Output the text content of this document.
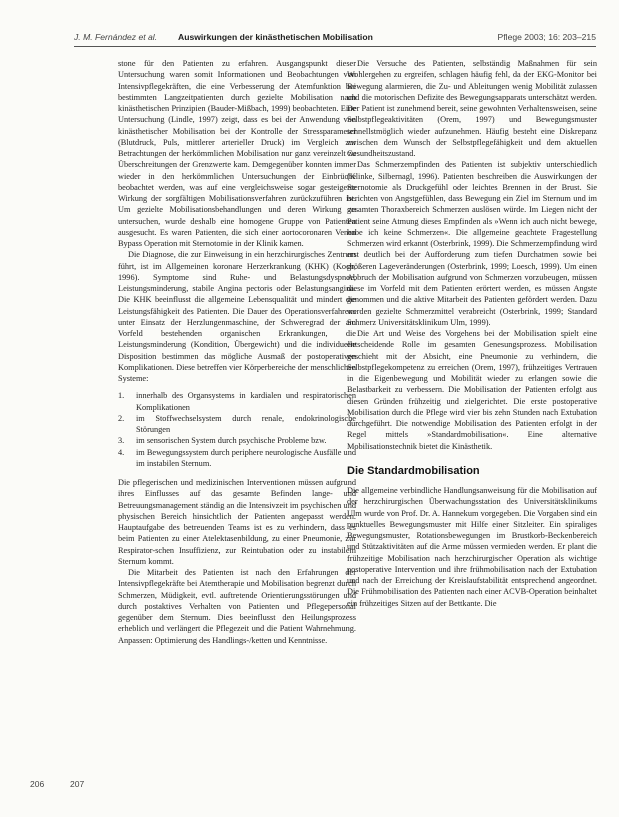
J. M. Fernández et al. Auswirkungen der kinästhetischen Mobilisation	Pflege 2003; 16: 203–215

stone für den Patienten zu erfahren. Ausgangspunkt dieser Untersuchung waren somit Informationen und Beobachtungen von Intensivpflegekräften, die eine Verbesserung der Atemfunktion bei bestimmten Langzeitpatienten durch gezielte Mobilisation nach kinästhetischen Prinzipien (Bauder-Mißbach, 1999) beobachteten. Eine Untersuchung (Lindle, 1997) zeigt, dass es bei der Anwendung von kinästhetischer Mobilisation bei der Kontrolle der Stressparameter (Blutdruck, Puls, mittlerer arterieller Druck) im Vergleich zur Betrachtungen der herkömmlichen Mobilisation nur ganz vereinzelt zu Überschreitungen der Grenzwerte kam. Demgegenüber konnten immer wieder in den herkömmlichen Untersuchungen der Einbrüche beobachtet werden, was auf eine vergleichsweise sogar gesteigerte Wirkung der sorgfältigen Mobilisationsverfahren zurückzuführen ist. Um gezielte Mobilisationsbehandlungen und deren Wirkung zu untersuchen, wurde deshalb eine homogene Gruppe von Patienten ausgesucht. Es waren Patienten, die sich einer aortocoronaren Venen Bypass Operation mit Sternotomie in der Klinik kamen.

Die Diagnose, die zur Einweisung in ein herzchirurgisches Zentrum führt, ist im Allgemeinen koronare Herzerkrankung (KHK) (Koch, 1996). Symptome sind Ruhe- und Belastungsdyspnoe, Leistungsminderung, stabile Angina pectoris oder Belastungsangina. Die KHK beeinflusst die allgemeine Lebensqualität und mindert die Leistungsfähigkeit des Patienten. Die Dauer des Operationsverfahrens unter Einsatz der Herzlungenmaschine, der Schweregrad der am Vorfeld bestehenden organischen Erkrankungen, die Leistungsminderung (Kondition, Übergewicht) und die individuelle Disposition bestimmen das mögliche Ausmaß der postoperativen Komplikationen. Diese betreffen vier Körperbereiche der menschlichen Systeme:

1.	innerhalb des Organsystems in kardialen und respiratorischen Komplikationen
2.	im Stoffwechselsystem durch renale, endokrinologische Störungen
3.	im sensorischen System durch psychische Probleme bzw.
4.	im Bewegungssystem durch periphere neurologische Ausfälle und im instabilen Sternum.

Die pflegerischen und medizinischen Interventionen müssen aufgrund ihres Einflusses auf das gesamte Befinden lange- und Betreuungsmanagement ständig an die Intensivzeit im psychischen und physischen Bereich hinsichtlich der Patienten angepasst werden. Hauptaufgabe des betreuenden Teams ist es zu verhindern, dass es beim Patienten zu einer Atelektasenbildung, zu einer Pneumonie, zur Respirator-schen Insuffizienz, zur Reintubation oder zu instabilem Sternum kommt.

Die Mitarbeit des Patienten ist nach den Erfahrungen der Intensivpflegekräfte bei Atemtherapie und Mobilisation begrenzt durch Schmerzen, Müdigkeit, evtl. auftretende Orientierungsstörungen und durch postaktives Verhalten von Patienten und Pflegepersonal gegenüber dem Sternum. Dies beeinflusst den Heilungsprozess erheblich und verlängert die Pflegezeit und die Patient Wahrnehmung. Anpassen: Optimierung des Handlings-/ketten und Kenntnisse.

Die Versuche des Patienten, selbständig Maßnahmen für sein Wohlergehen zu ergreifen, schlagen häufig fehl, da der EKG-Monitor bei Bewegung alarmieren, die Zu- und Ableitungen wenig Mobilität zulassen und die motorischen Defizite des Bewegungsapparats unterschätzt werden. Der Patient ist zunehmend bereit, seine gewohnten Verhaltensweisen, seine Selbstpflegeaktivitäten (Orem, 1997) und Bewegungsmuster schnellstmöglich wieder aufzunehmen. Häufig besteht eine Diskrepanz zwischen dem Wunsch der Selbstpflegefähigkeit und dem aktuellen Gesundheitszustand.

Das Schmerzempfinden des Patienten ist subjektiv unterschiedlich (Klinke, Silbernagl, 1996). Patienten beschreiben die Auswirkungen der Sternotomie als Druckgefühl oder leichtes Brennen in der Brust. Sie berichten von Angstgefühlen, dass Bewegung ein Ziel im Sternum und im gesamten Thoraxbereich Schmerzen auslösen würde. Im Liegen nicht der Patient seine Atmung dieses Empfinden als »Wenn ich auch nicht bewege, habe ich keine Schmerzen«. Die allgemeine geachtete Fragestellung Schmerzen wird erkannt (Osterbrink, 1999). Die Schmerzempfindung wird erst deutlich bei der Aufforderung zum tiefen Durchatmen sowie bei größeren Lageveränderungen (Osterbrink, 1999; Loesch, 1999). Um einen Abbruch der Mobilisation aufgrund von Schmerzen vorzubeugen, müssen diese im Vorfeld mit dem Patienten erörtert werden, es müssen Angste genommen und die aktive Mitarbeit des Patienten gefördert werden. Dazu werden gezielte Schmerzmittel verabreicht (Osterbrink, 1999; Standard Schmerz Universitätsklinikum Ulm, 1999).

Die Art und Weise des Vorgehens bei der Mobilisation spielt eine entscheidende Rolle im gesamten Genesungsprozess. Mobilisation geschieht mit der Absicht, eine Pneumonie zu verhindern, die Selbstpflegekompetenz zu erreichen (Orem, 1997), frühzeitiges Vertrauen in die Eigenbewegung und Mobilität wieder zu erlangen sowie die Belastbarkeit zu verbessern. Die Mobilisation der Patienten erfolgt aus diesen Gründen frühzeitig und zielgerichtet. Die erste postoperative Mobilisation durch die Pflege wird vier bis zehn Stunden nach Extubation durchgeführt. Die notwendige Mobilisation des Patienten erfolgt in der Regel mittels »Standardmobilisation«. Eine alternative Mobilisationstechnik bietet die Kinästhetik.

Die Standardmobilisation

Die allgemeine verbindliche Handlungsanweisung für die Mobilisation auf der herzchirurgischen Überwachungsstation des Universitätsklinikums Ulm wurde von Prof. Dr. A. Hannekum vorgegeben. Die Vorgaben sind ein punktuelles Bewegungsmuster mit Hilfe einer Sitzleiter. Ein spiraliges Bewegungsmuster, Rotationsbewegungen im Brustkorb-Beckenbereich und Stützaktivitäten auf die Arme müssen vermieden werden. Er plant die frühzeitige Mobilisation nach herzchirurgischer Operation als wichtige postoperative Intervention und ihre frühmobilisation nach der Extubation und nach der Erreichung der Kreislaufstabilität entsprechend angeordnet. Die Frühmobilisation des Patienten nach einer ACVB-Operation beinhaltet ein frühzeitiges Sitzen auf der Bettkante. Die

206	207
